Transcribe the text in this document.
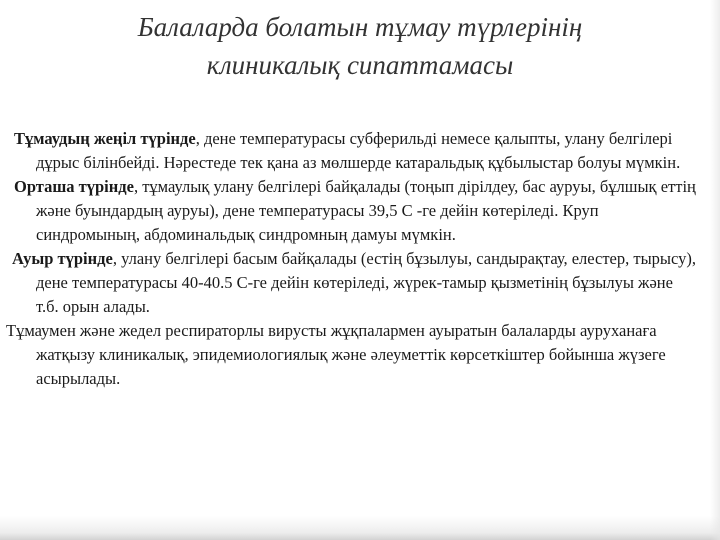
Балаларда болатын тұмау түрлерінің
клиникалық сипаттамасы

Тұмаудың жеңіл түрінде, дене температурасы субферильді немесе қалыпты, улану белгілері дұрыс білінбейді. Нәрестеде тек қана аз мөлшерде катаральдық құбылыстар болуы мүмкін.

Орташа түрінде, тұмаулық улану белгілері байқалады (тоңып дірілдеу, бас ауруы, бұлшық еттің және буындардың ауруы), дене температурасы 39,5 С -ге дейін көтеріледі. Круп синдромының, абдоминальдық синдромның дамуы мүмкін.

Ауыр түрінде, улану белгілері басым байқалады (естің бұзылуы, сандырақтау, елестер, тырысу), дене температурасы 40-40.5 С-ге дейін көтеріледі, жүрек-тамыр қызметінің бұзылуы және т.б. орын алады.

Тұмаумен және жедел респираторлы вирусты жұқпалармен ауыратын балаларды ауруханаға жатқызу клиникалық, эпидемиологиялық және әлеуметтік көрсеткіштер бойынша жүзеге асырылады.
